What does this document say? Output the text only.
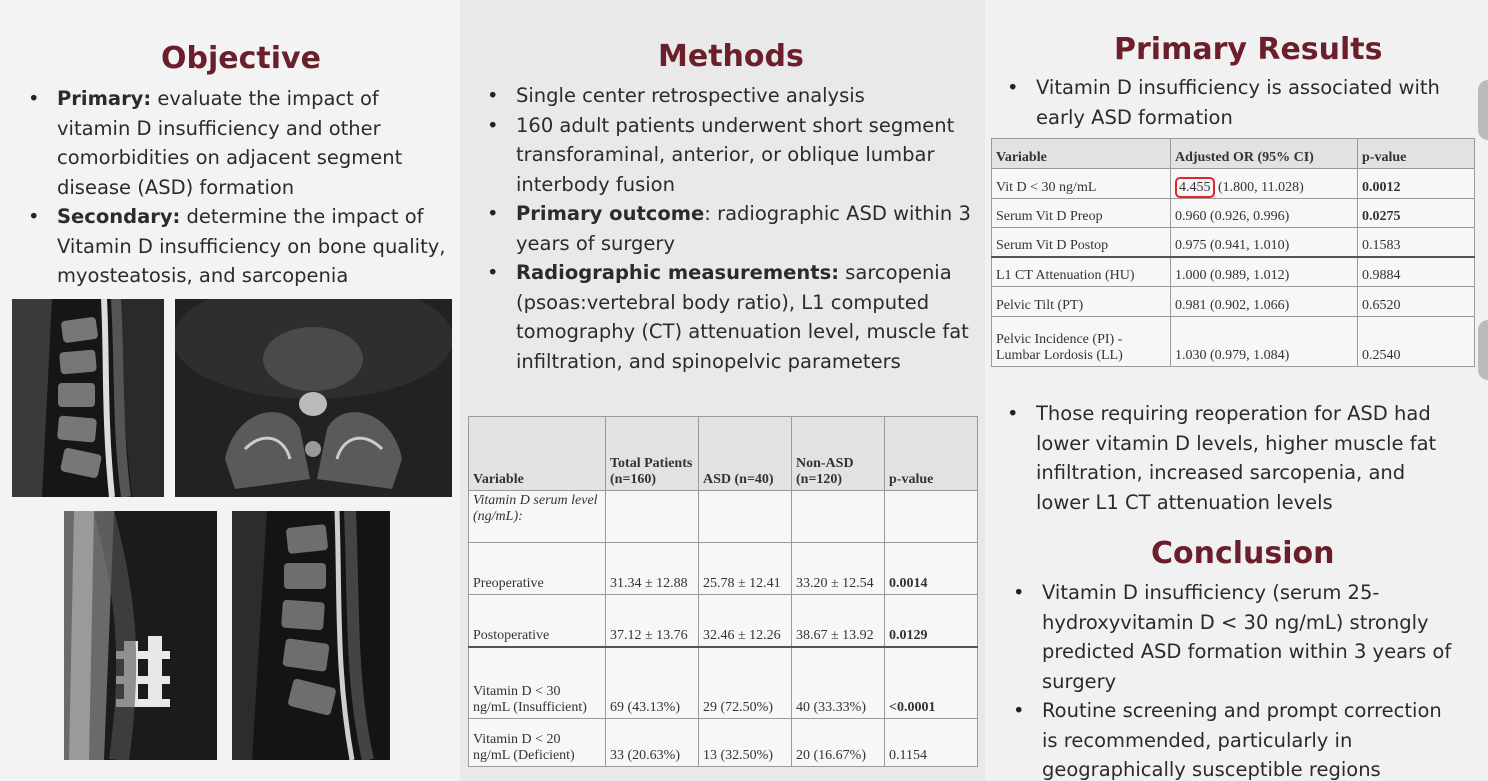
Objective
• Primary: evaluate the impact of vitamin D insufficiency and other comorbidities on adjacent segment disease (ASD) formation
• Secondary: determine the impact of Vitamin D insufficiency on bone quality, myosteatosis, and sarcopenia
Methods
• Single center retrospective analysis
• 160 adult patients underwent short segment transforaminal, anterior, or oblique lumbar interbody fusion
• Primary outcome: radiographic ASD within 3 years of surgery
• Radiographic measurements: sarcopenia (psoas:vertebral body ratio), L1 computed tomography (CT) attenuation level, muscle fat infiltration, and spinopelvic parameters
Variable	Total Patients (n=160)	ASD (n=40)	Non-ASD (n=120)	p-value
Vitamin D serum level (ng/mL):				
Preoperative	31.34 ± 12.88	25.78 ± 12.41	33.20 ± 12.54	0.0014
Postoperative	37.12 ± 13.76	32.46 ± 12.26	38.67 ± 13.92	0.0129
Vitamin D < 30 ng/mL (Insufficient)	69 (43.13%)	29 (72.50%)	40 (33.33%)	<0.0001
Vitamin D < 20 ng/mL (Deficient)	33 (20.63%)	13 (32.50%)	20 (16.67%)	0.1154
Primary Results
• Vitamin D insufficiency is associated with early ASD formation
Variable	Adjusted OR (95% CI)	p-value
Vit D < 30 ng/mL	4.455 (1.800, 11.028)	0.0012
Serum Vit D Preop	0.960 (0.926, 0.996)	0.0275
Serum Vit D Postop	0.975 (0.941, 1.010)	0.1583
L1 CT Attenuation (HU)	1.000 (0.989, 1.012)	0.9884
Pelvic Tilt (PT)	0.981 (0.902, 1.066)	0.6520
Pelvic Incidence (PI) - Lumbar Lordosis (LL)	1.030 (0.979, 1.084)	0.2540
• Those requiring reoperation for ASD had lower vitamin D levels, higher muscle fat infiltration, increased sarcopenia, and lower L1 CT attenuation levels
Conclusion
• Vitamin D insufficiency (serum 25-hydroxyvitamin D < 30 ng/mL) strongly predicted ASD formation within 3 years of surgery
• Routine screening and prompt correction is recommended, particularly in geographically susceptible regions
